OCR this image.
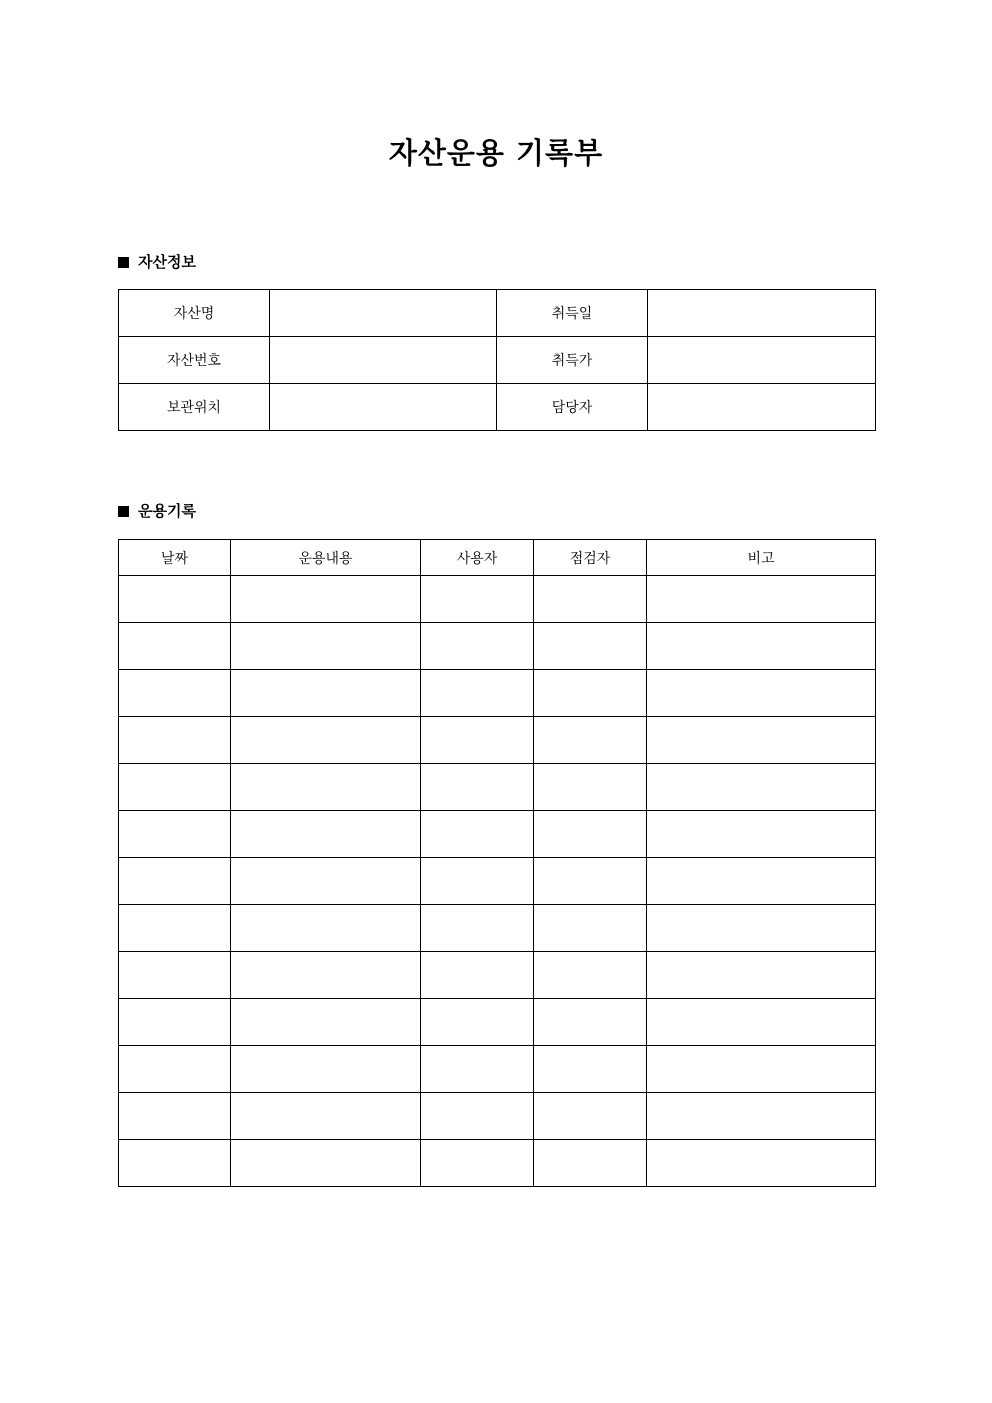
자산운용 기록부
자산정보
자산명		취득일	
자산번호		취득가	
보관위치		담당자	
운용기록
날짜	운용내용	사용자	점검자	비고
